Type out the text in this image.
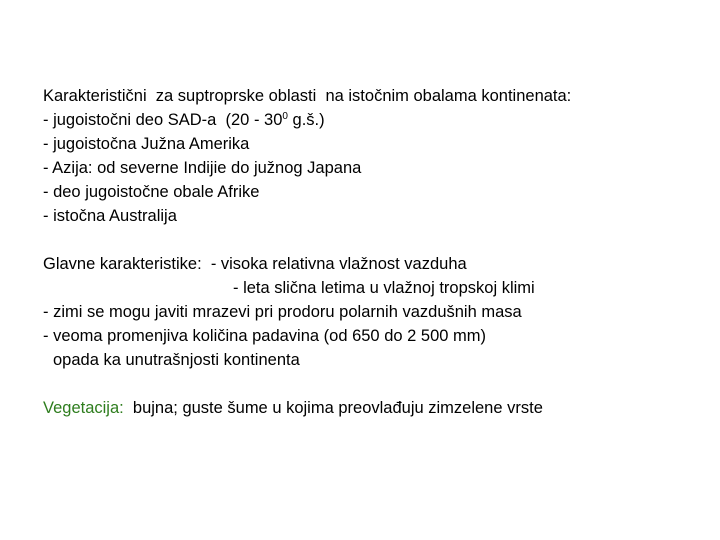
Karakteristični  za suptroprske oblasti  na istočnim obalama kontinenata:
- jugoistočni deo SAD-a  ($20 - 30^0$ g.š.)
- jugoistočna Južna Amerika
- Azija: od severne Indijie do južnog Japana
- deo jugoistočne obale Afrike
- istočna Australija
Glavne karakteristike:  - visoka relativna vlažnost vazduha
- leta slična letima u vlažnoj tropskoj klimi
- zimi se mogu javiti mrazevi pri prodoru polarnih vazdušnih masa
- veoma promenjiva količina padavina (od 650 do 2 500 mm)
opada ka unutrašnjosti kontinenta
Vegetacija:  bujna; guste šume u kojima preovlađuju zimzelene vrste
